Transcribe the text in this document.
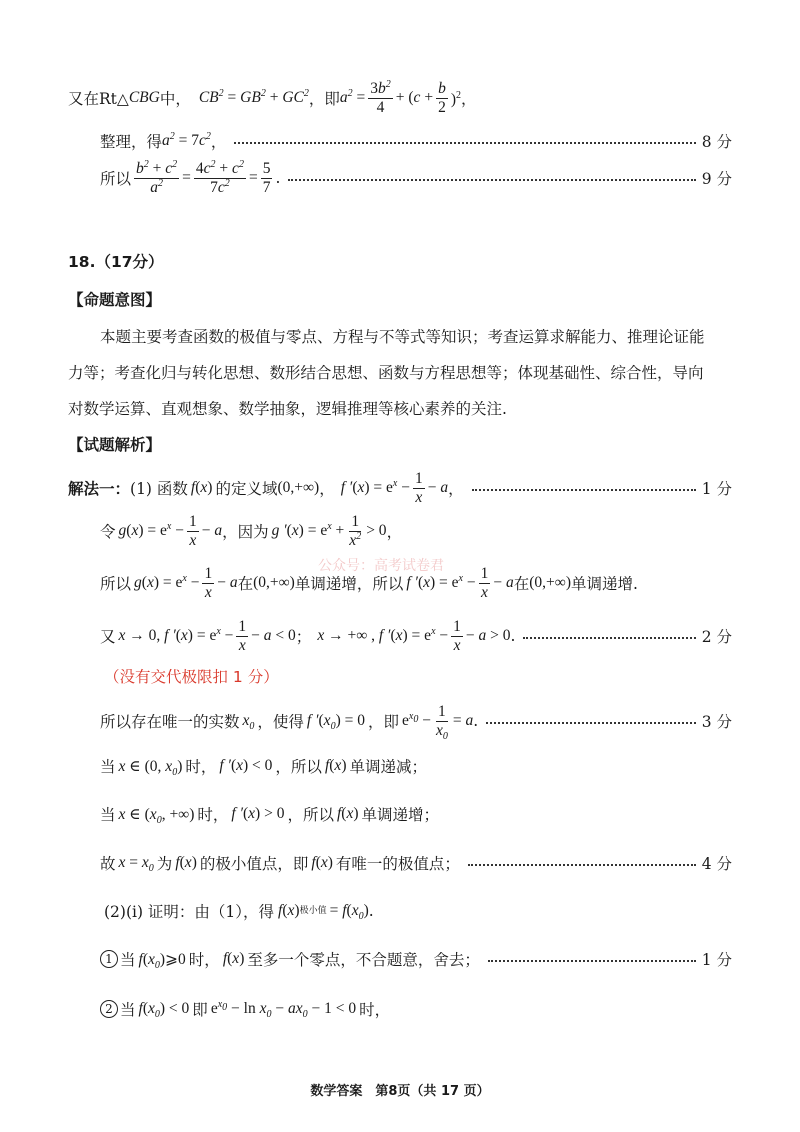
又在Rt△ CBG 中， $CB^2 = GB^2 + GC^2$ ，即 $a^2 = \frac{3b^2}{4} + (c + \frac{b}{2} )^2$，
整理，得 $a^2 = 7c^2$ ，	8 分
所以 $\frac{b^2 + c^2}{a^2} = \frac{4c^2 + c^2}{7c^2} = \frac{5}{7}$ .	9 分
18.（17分）
【命题意图】
本题主要考查函数的极值与零点、方程与不等式等知识；考查运算求解能力、推理论证能
力等；考查化归与转化思想、数形结合思想、函数与方程思想等；体现基础性、综合性，导向
对数学运算、直观想象、数学抽象，逻辑推理等核心素养的关注.
【试题解析】
解法一： (1) 函数 f(x) 的定义域 (0,+∞) ， f $'(x) = e^x - \frac{1}{x} - a$ ，	1 分
令 $g(x) = e^x - \frac{1}{x} - a$ ，因为 g $'(x) = e^x + \frac{1}{x^2} > 0$ ，
公众号：高考试卷君
所以 $g(x) = e^x - \frac{1}{x} - a$ 在 (0,+∞) 单调递增，所以 f $'(x) = e^x - \frac{1}{x} - a$ 在 (0,+∞) 单调递增.
又 x → 0, f $'(x) = e^x - \frac{1}{x} - a < 0$ ； x → +∞ , f $'(x) = e^x - \frac{1}{x} - a > 0$ .	2 分
（没有交代极限扣 1 分）
所以存在唯一的实数 $x_0$ ，使得 f $'(x_0) = 0$ ，即 $e^{x_0} - \frac{1}{x_0} = a$ .	3 分
当 x ∈ (0, $x_0$) 时， f ′(x) < 0 ，所以 f(x) 单调递减；
当 x ∈ ($x_0$, +∞) 时， f ′(x) > 0 ，所以 f(x) 单调递增；
故 $x = x_0$ 为 f(x) 的极小值点，即 f(x) 有唯一的极值点；	4 分
(2)(i) 证明：由（1），得 f(x) 极小值 = $f(x_0)$ .
1 当 $f(x_0)⩾0$ 时， f(x) 至多一个零点，不合题意，舍去；	1 分
2 当 $f(x_0) < 0$ 即 $e^{x_0} - \ln x_0 - ax_0 - 1 < 0$ 时，
数学答案　第8页（共 17 页）
